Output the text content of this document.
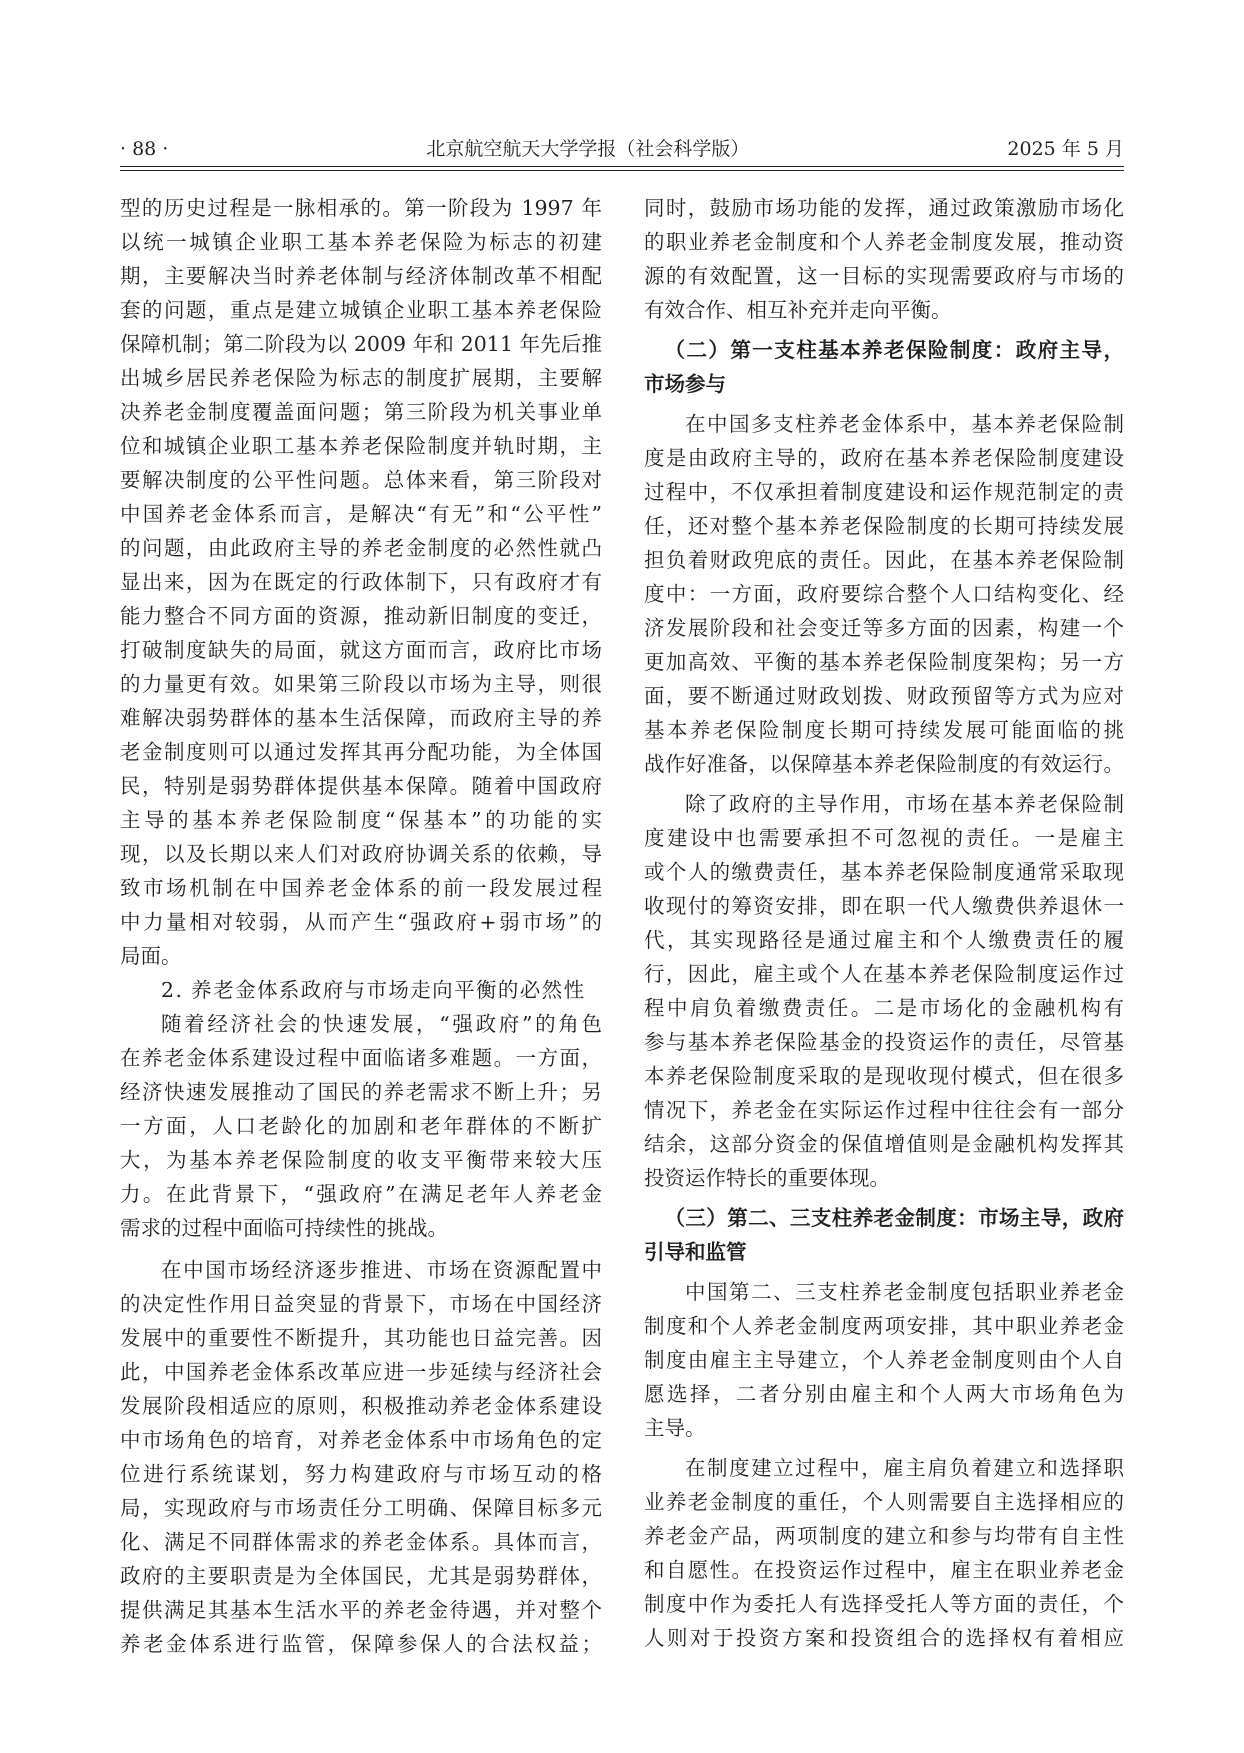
· 88 ·	北京航空航天大学学报（社会科学版）	2025 年 5 月
型的历史过程是一脉相承的。第一阶段为 1997 年
以统一城镇企业职工基本养老保险为标志的初建
期，主要解决当时养老体制与经济体制改革不相配
套的问题，重点是建立城镇企业职工基本养老保险
保障机制；第二阶段为以 2009 年和 2011 年先后推
出城乡居民养老保险为标志的制度扩展期，主要解
决养老金制度覆盖面问题；第三阶段为机关事业单
位和城镇企业职工基本养老保险制度并轨时期，主
要解决制度的公平性问题。总体来看，第三阶段对
中国养老金体系而言，是解决“有无”和“公平性”
的问题，由此政府主导的养老金制度的必然性就凸
显出来，因为在既定的行政体制下，只有政府才有
能力整合不同方面的资源，推动新旧制度的变迁，
打破制度缺失的局面，就这方面而言，政府比市场
的力量更有效。如果第三阶段以市场为主导，则很
难解决弱势群体的基本生活保障，而政府主导的养
老金制度则可以通过发挥其再分配功能，为全体国
民，特别是弱势群体提供基本保障。随着中国政府
主导的基本养老保险制度“保基本”的功能的实
现，以及长期以来人们对政府协调关系的依赖，导
致市场机制在中国养老金体系的前一段发展过程
中力量相对较弱，从而产生“强政府+弱市场”的
局面。
2. 养老金体系政府与市场走向平衡的必然性
随着经济社会的快速发展，“强政府”的角色
在养老金体系建设过程中面临诸多难题。一方面，
经济快速发展推动了国民的养老需求不断上升；另
一方面，人口老龄化的加剧和老年群体的不断扩
大，为基本养老保险制度的收支平衡带来较大压
力。在此背景下，“强政府”在满足老年人养老金
需求的过程中面临可持续性的挑战。
在中国市场经济逐步推进、市场在资源配置中
的决定性作用日益突显的背景下，市场在中国经济
发展中的重要性不断提升，其功能也日益完善。因
此，中国养老金体系改革应进一步延续与经济社会
发展阶段相适应的原则，积极推动养老金体系建设
中市场角色的培育，对养老金体系中市场角色的定
位进行系统谋划，努力构建政府与市场互动的格
局，实现政府与市场责任分工明确、保障目标多元
化、满足不同群体需求的养老金体系。具体而言，
政府的主要职责是为全体国民，尤其是弱势群体，
提供满足其基本生活水平的养老金待遇，并对整个
养老金体系进行监管，保障参保人的合法权益；
同时，鼓励市场功能的发挥，通过政策激励市场化
的职业养老金制度和个人养老金制度发展，推动资
源的有效配置，这一目标的实现需要政府与市场的
有效合作、相互补充并走向平衡。
（二）第一支柱基本养老保险制度：政府主导，
市场参与
在中国多支柱养老金体系中，基本养老保险制
度是由政府主导的，政府在基本养老保险制度建设
过程中，不仅承担着制度建设和运作规范制定的责
任，还对整个基本养老保险制度的长期可持续发展
担负着财政兜底的责任。因此，在基本养老保险制
度中：一方面，政府要综合整个人口结构变化、经
济发展阶段和社会变迁等多方面的因素，构建一个
更加高效、平衡的基本养老保险制度架构；另一方
面，要不断通过财政划拨、财政预留等方式为应对
基本养老保险制度长期可持续发展可能面临的挑
战作好准备，以保障基本养老保险制度的有效运行。
除了政府的主导作用，市场在基本养老保险制
度建设中也需要承担不可忽视的责任。一是雇主
或个人的缴费责任，基本养老保险制度通常采取现
收现付的筹资安排，即在职一代人缴费供养退休一
代，其实现路径是通过雇主和个人缴费责任的履
行，因此，雇主或个人在基本养老保险制度运作过
程中肩负着缴费责任。二是市场化的金融机构有
参与基本养老保险基金的投资运作的责任，尽管基
本养老保险制度采取的是现收现付模式，但在很多
情况下，养老金在实际运作过程中往往会有一部分
结余，这部分资金的保值增值则是金融机构发挥其
投资运作特长的重要体现。
（三）第二、三支柱养老金制度：市场主导，政府
引导和监管
中国第二、三支柱养老金制度包括职业养老金
制度和个人养老金制度两项安排，其中职业养老金
制度由雇主主导建立，个人养老金制度则由个人自
愿选择，二者分别由雇主和个人两大市场角色为
主导。
在制度建立过程中，雇主肩负着建立和选择职
业养老金制度的重任，个人则需要自主选择相应的
养老金产品，两项制度的建立和参与均带有自主性
和自愿性。在投资运作过程中，雇主在职业养老金
制度中作为委托人有选择受托人等方面的责任，个
人则对于投资方案和投资组合的选择权有着相应
